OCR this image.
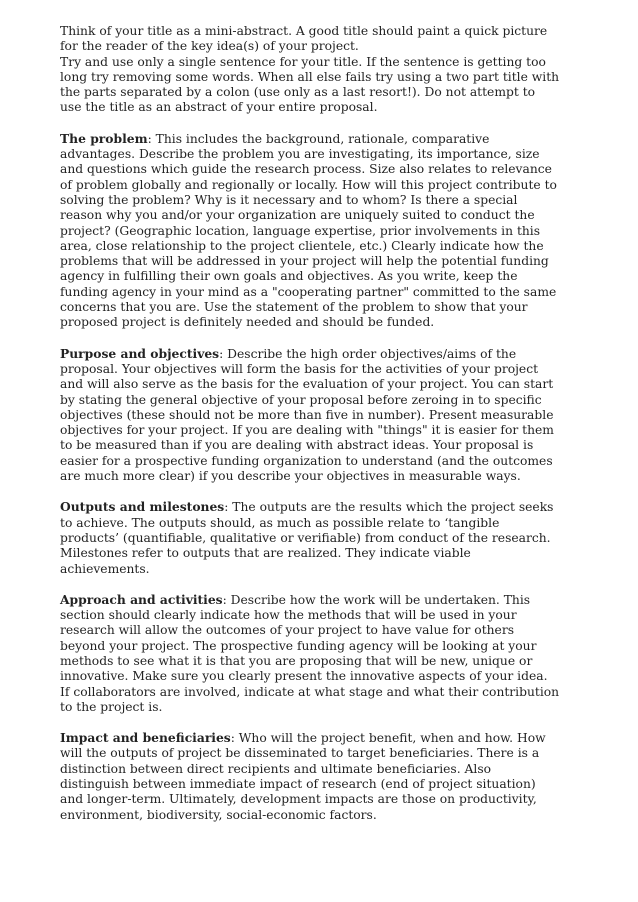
Think of your title as a mini-abstract. A good title should paint a quick picture for the reader of the key idea(s) of your project.

Try and use only a single sentence for your title. If the sentence is getting too long try removing some words. When all else fails try using a two part title with the parts separated by a colon (use only as a last resort!). Do not attempt to use the title as an abstract of your entire proposal.

The problem: This includes the background, rationale, comparative advantages. Describe the problem you are investigating, its importance, size and questions which guide the research process. Size also relates to relevance of problem globally and regionally or locally. How will this project contribute to solving the problem? Why is it necessary and to whom? Is there a special reason why you and/or your organization are uniquely suited to conduct the project? (Geographic location, language expertise, prior involvements in this area, close relationship to the project clientele, etc.) Clearly indicate how the problems that will be addressed in your project will help the potential funding agency in fulfilling their own goals and objectives. As you write, keep the funding agency in your mind as a "cooperating partner" committed to the same concerns that you are. Use the statement of the problem to show that your proposed project is definitely needed and should be funded.

Purpose and objectives: Describe the high order objectives/aims of the proposal. Your objectives will form the basis for the activities of your project and will also serve as the basis for the evaluation of your project. You can start by stating the general objective of your proposal before zeroing in to specific objectives (these should not be more than five in number). Present measurable objectives for your project. If you are dealing with "things" it is easier for them to be measured than if you are dealing with abstract ideas. Your proposal is easier for a prospective funding organization to understand (and the outcomes are much more clear) if you describe your objectives in measurable ways.

Outputs and milestones: The outputs are the results which the project seeks to achieve. The outputs should, as much as possible relate to ‘tangible products’ (quantifiable, qualitative or verifiable) from conduct of the research. Milestones refer to outputs that are realized. They indicate viable achievements.

Approach and activities: Describe how the work will be undertaken. This section should clearly indicate how the methods that will be used in your research will allow the outcomes of your project to have value for others beyond your project. The prospective funding agency will be looking at your methods to see what it is that you are proposing that will be new, unique or innovative. Make sure you clearly present the innovative aspects of your idea. If collaborators are involved, indicate at what stage and what their contribution to the project is.

Impact and beneficiaries: Who will the project benefit, when and how. How will the outputs of project be disseminated to target beneficiaries. There is a distinction between direct recipients and ultimate beneficiaries. Also distinguish between immediate impact of research (end of project situation) and longer-term. Ultimately, development impacts are those on productivity, environment, biodiversity, social-economic factors.
